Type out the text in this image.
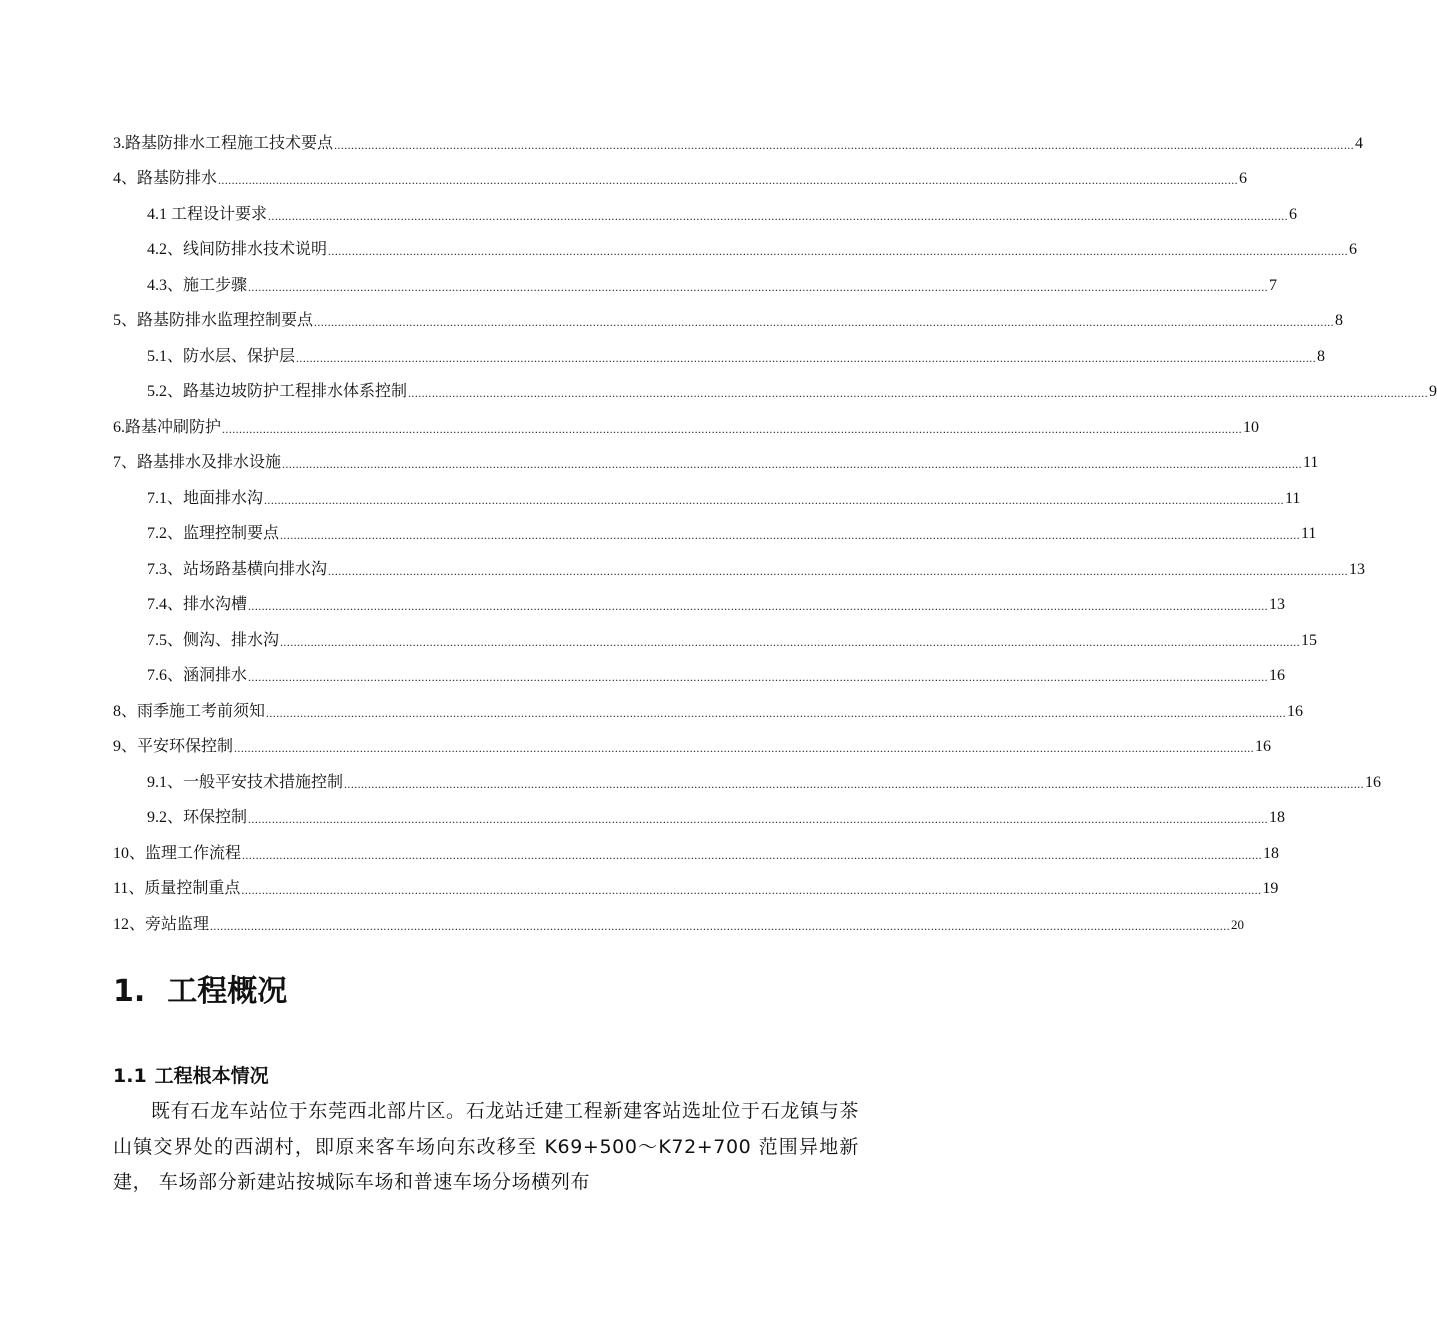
3.路基防排水工程施工技术要点 ............................................................................................................................................................................................................................................................................................................ 4
4、路基防排水 ............................................................................................................................................................................................................................................................................................................ 6
4.1 工程设计要求 ............................................................................................................................................................................................................................................................................................................ 6
4.2、线间防排水技术说明 ............................................................................................................................................................................................................................................................................................................ 6
4.3、施工步骤 ............................................................................................................................................................................................................................................................................................................ 7
5、路基防排水监理控制要点 ............................................................................................................................................................................................................................................................................................................ 8
5.1、防水层、保护层 ............................................................................................................................................................................................................................................................................................................ 8
5.2、路基边坡防护工程排水体系控制 ............................................................................................................................................................................................................................................................................................................ 9
6.路基冲刷防护 ............................................................................................................................................................................................................................................................................................................ 10
7、路基排水及排水设施 ............................................................................................................................................................................................................................................................................................................ 11
7.1、地面排水沟 ............................................................................................................................................................................................................................................................................................................ 11
7.2、监理控制要点 ............................................................................................................................................................................................................................................................................................................ 11
7.3、站场路基横向排水沟 ............................................................................................................................................................................................................................................................................................................ 13
7.4、排水沟槽 ............................................................................................................................................................................................................................................................................................................ 13
7.5、侧沟、排水沟 ............................................................................................................................................................................................................................................................................................................ 15
7.6、涵洞排水 ............................................................................................................................................................................................................................................................................................................ 16
8、雨季施工考前须知 ............................................................................................................................................................................................................................................................................................................ 16
9、平安环保控制 ............................................................................................................................................................................................................................................................................................................ 16
9.1、一般平安技术措施控制 ............................................................................................................................................................................................................................................................................................................ 16
9.2、环保控制 ............................................................................................................................................................................................................................................................................................................ 18
10、监理工作流程 ............................................................................................................................................................................................................................................................................................................ 18
11、质量控制重点 ............................................................................................................................................................................................................................................................................................................ 19
12、旁站监理 ............................................................................................................................................................................................................................................................................................................ 20
1. 工程概况
1.1 工程根本情况

既有石龙车站位于东莞西北部片区。石龙站迁建工程新建客站选址位于石龙镇与茶山镇交界处的西湖村，即原来客车场向东改移至 K69+500～K72+700 范围异地新建， 车场部分新建站按城际车场和普速车场分场横列布
